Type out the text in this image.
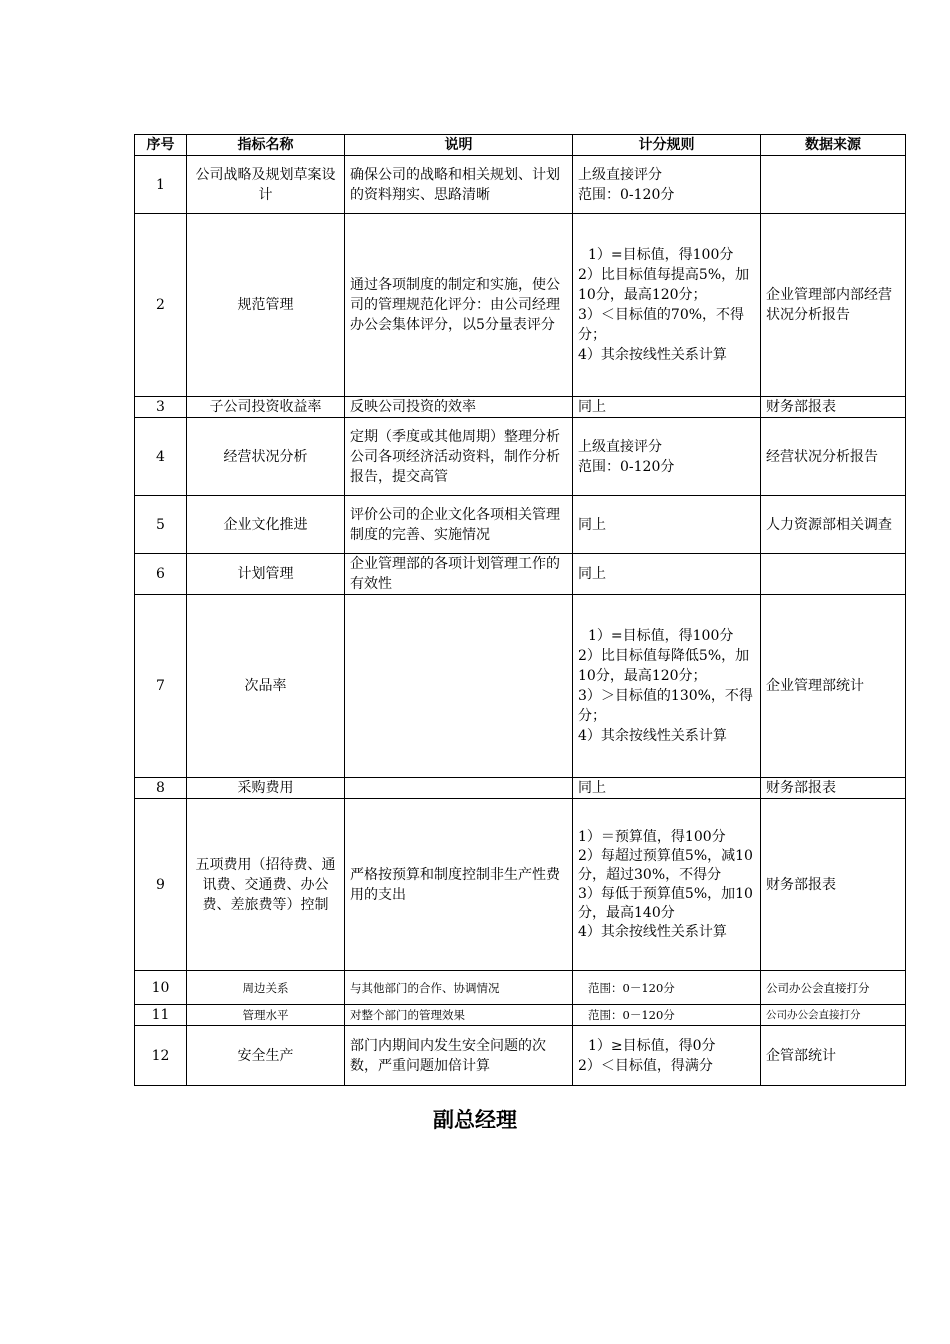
序号	指标名称	说明	计分规则	数据来源
1	公司战略及规划草案设计	确保公司的战略和相关规划、计划的资料翔实、思路清晰	上级直接评分
范围：0-120分	

2	规范管理	通过各项制度的制定和实施，使公司的管理规范化评分：由公司经理办公会集体评分，以5分量表评分	1）=目标值，得100分
2）比目标值每提高5%，加10分，最高120分；
3）＜目标值的70%，不得分；
4）其余按线性关系计算	企业管理部内部经营状况分析报告
3	子公司投资收益率	反映公司投资的效率	同上	财务部报表
4	经营状况分析	定期（季度或其他周期）整理分析公司各项经济活动资料，制作分析报告，提交高管	上级直接评分
范围：0-120分	经营状况分析报告
5	企业文化推进	评价公司的企业文化各项相关管理制度的完善、实施情况	同上	人力资源部相关调查
6	计划管理	企业管理部的各项计划管理工作的有效性	同上	

7	次品率		1）=目标值，得100分
2）比目标值每降低5%，加10分，最高120分；
3）＞目标值的130%，不得分；
4）其余按线性关系计算	企业管理部统计
8	采购费用		同上	财务部报表
9	五项费用（招待费、通讯费、交通费、办公费、差旅费等）控制	严格按预算和制度控制非生产性费用的支出	1）＝预算值，得100分
2）每超过预算值5%，减10分，超过30%，不得分
3）每低于预算值5%，加10分，最高140分
4）其余按线性关系计算	财务部报表
10	周边关系	与其他部门的合作、协调情况	范围：0－120分	公司办公会直接打分
11	管理水平	对整个部门的管理效果	范围：0－120分	公司办公会直接打分
12	安全生产	部门内期间内发生安全问题的次数，严重问题加倍计算	1）≥目标值，得0分
2）＜目标值，得满分	企管部统计
副总经理
